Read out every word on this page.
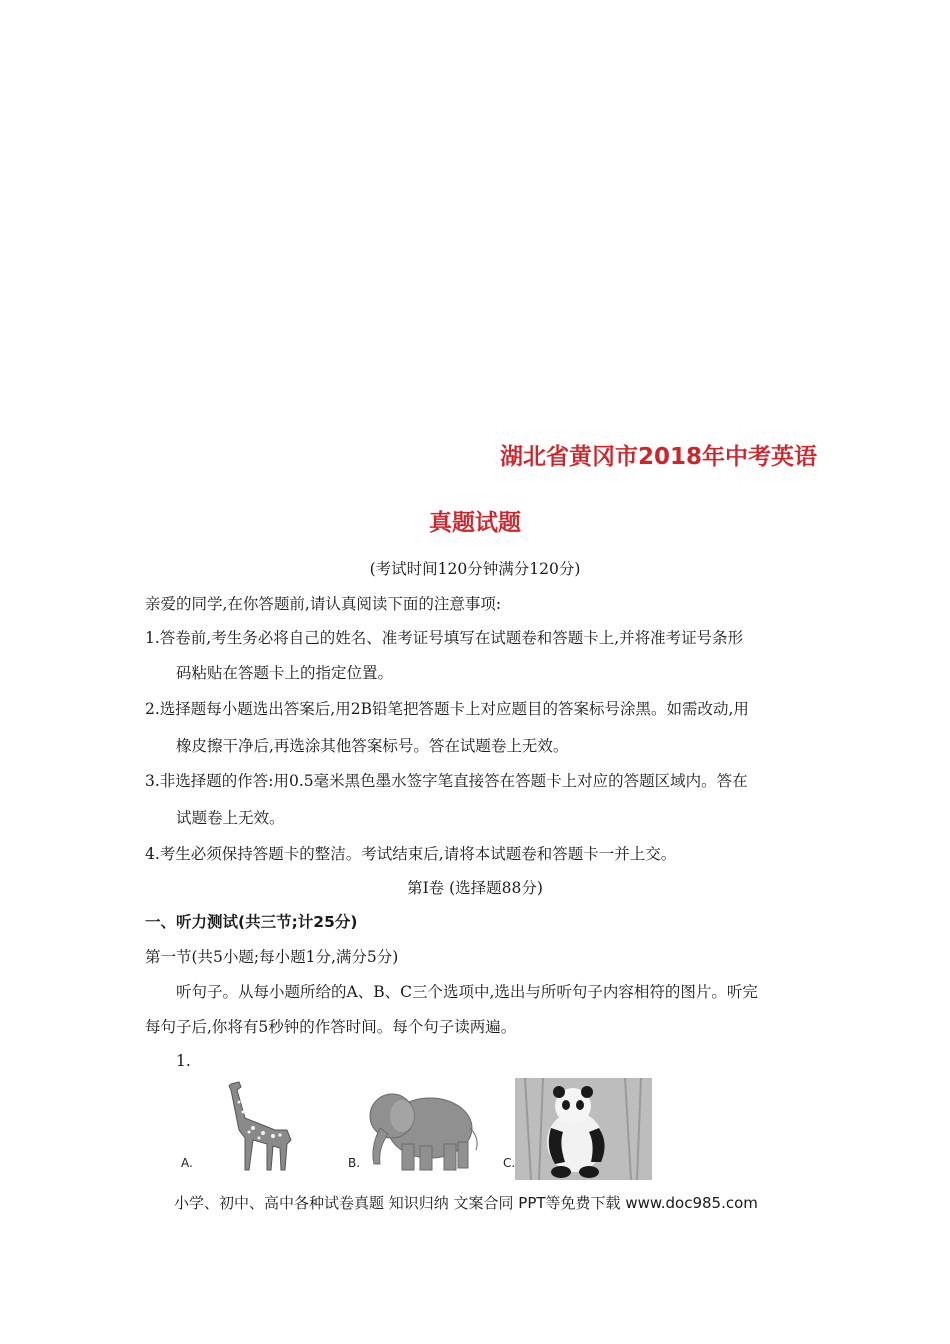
湖北省黄冈市2018年中考英语
真题试题
(考试时间120分钟满分120分)
亲爱的同学,在你答题前,请认真阅读下面的注意事项:
1.答卷前,考生务必将自己的姓名、准考证号填写在试题卷和答题卡上,并将准考证号条形
码粘贴在答题卡上的指定位置。
2.选择题每小题选出答案后,用2B铅笔把答题卡上对应题目的答案标号涂黑。如需改动,用
橡皮擦干净后,再选涂其他答案标号。答在试题卷上无效。
3.非选择题的作答:用0.5毫米黑色墨水签字笔直接答在答题卡上对应的答题区域内。答在
试题卷上无效。
4.考生必须保持答题卡的整洁。考试结束后,请将本试题卷和答题卡一并上交。
第Ⅰ卷 (选择题88分)
一、听力测试(共三节;计25分)
第一节(共5小题;每小题1分,满分5分)
听句子。从每小题所给的A、B、C三个选项中,选出与所听句子内容相符的图片。听完
每句子后,你将有5秒钟的作答时间。每个句子读两遍。
1.
A.	B.	C.
小学、初中、高中各种试卷真题 知识归纳 文案合同 PPT等免费下载 www.doc985.com
